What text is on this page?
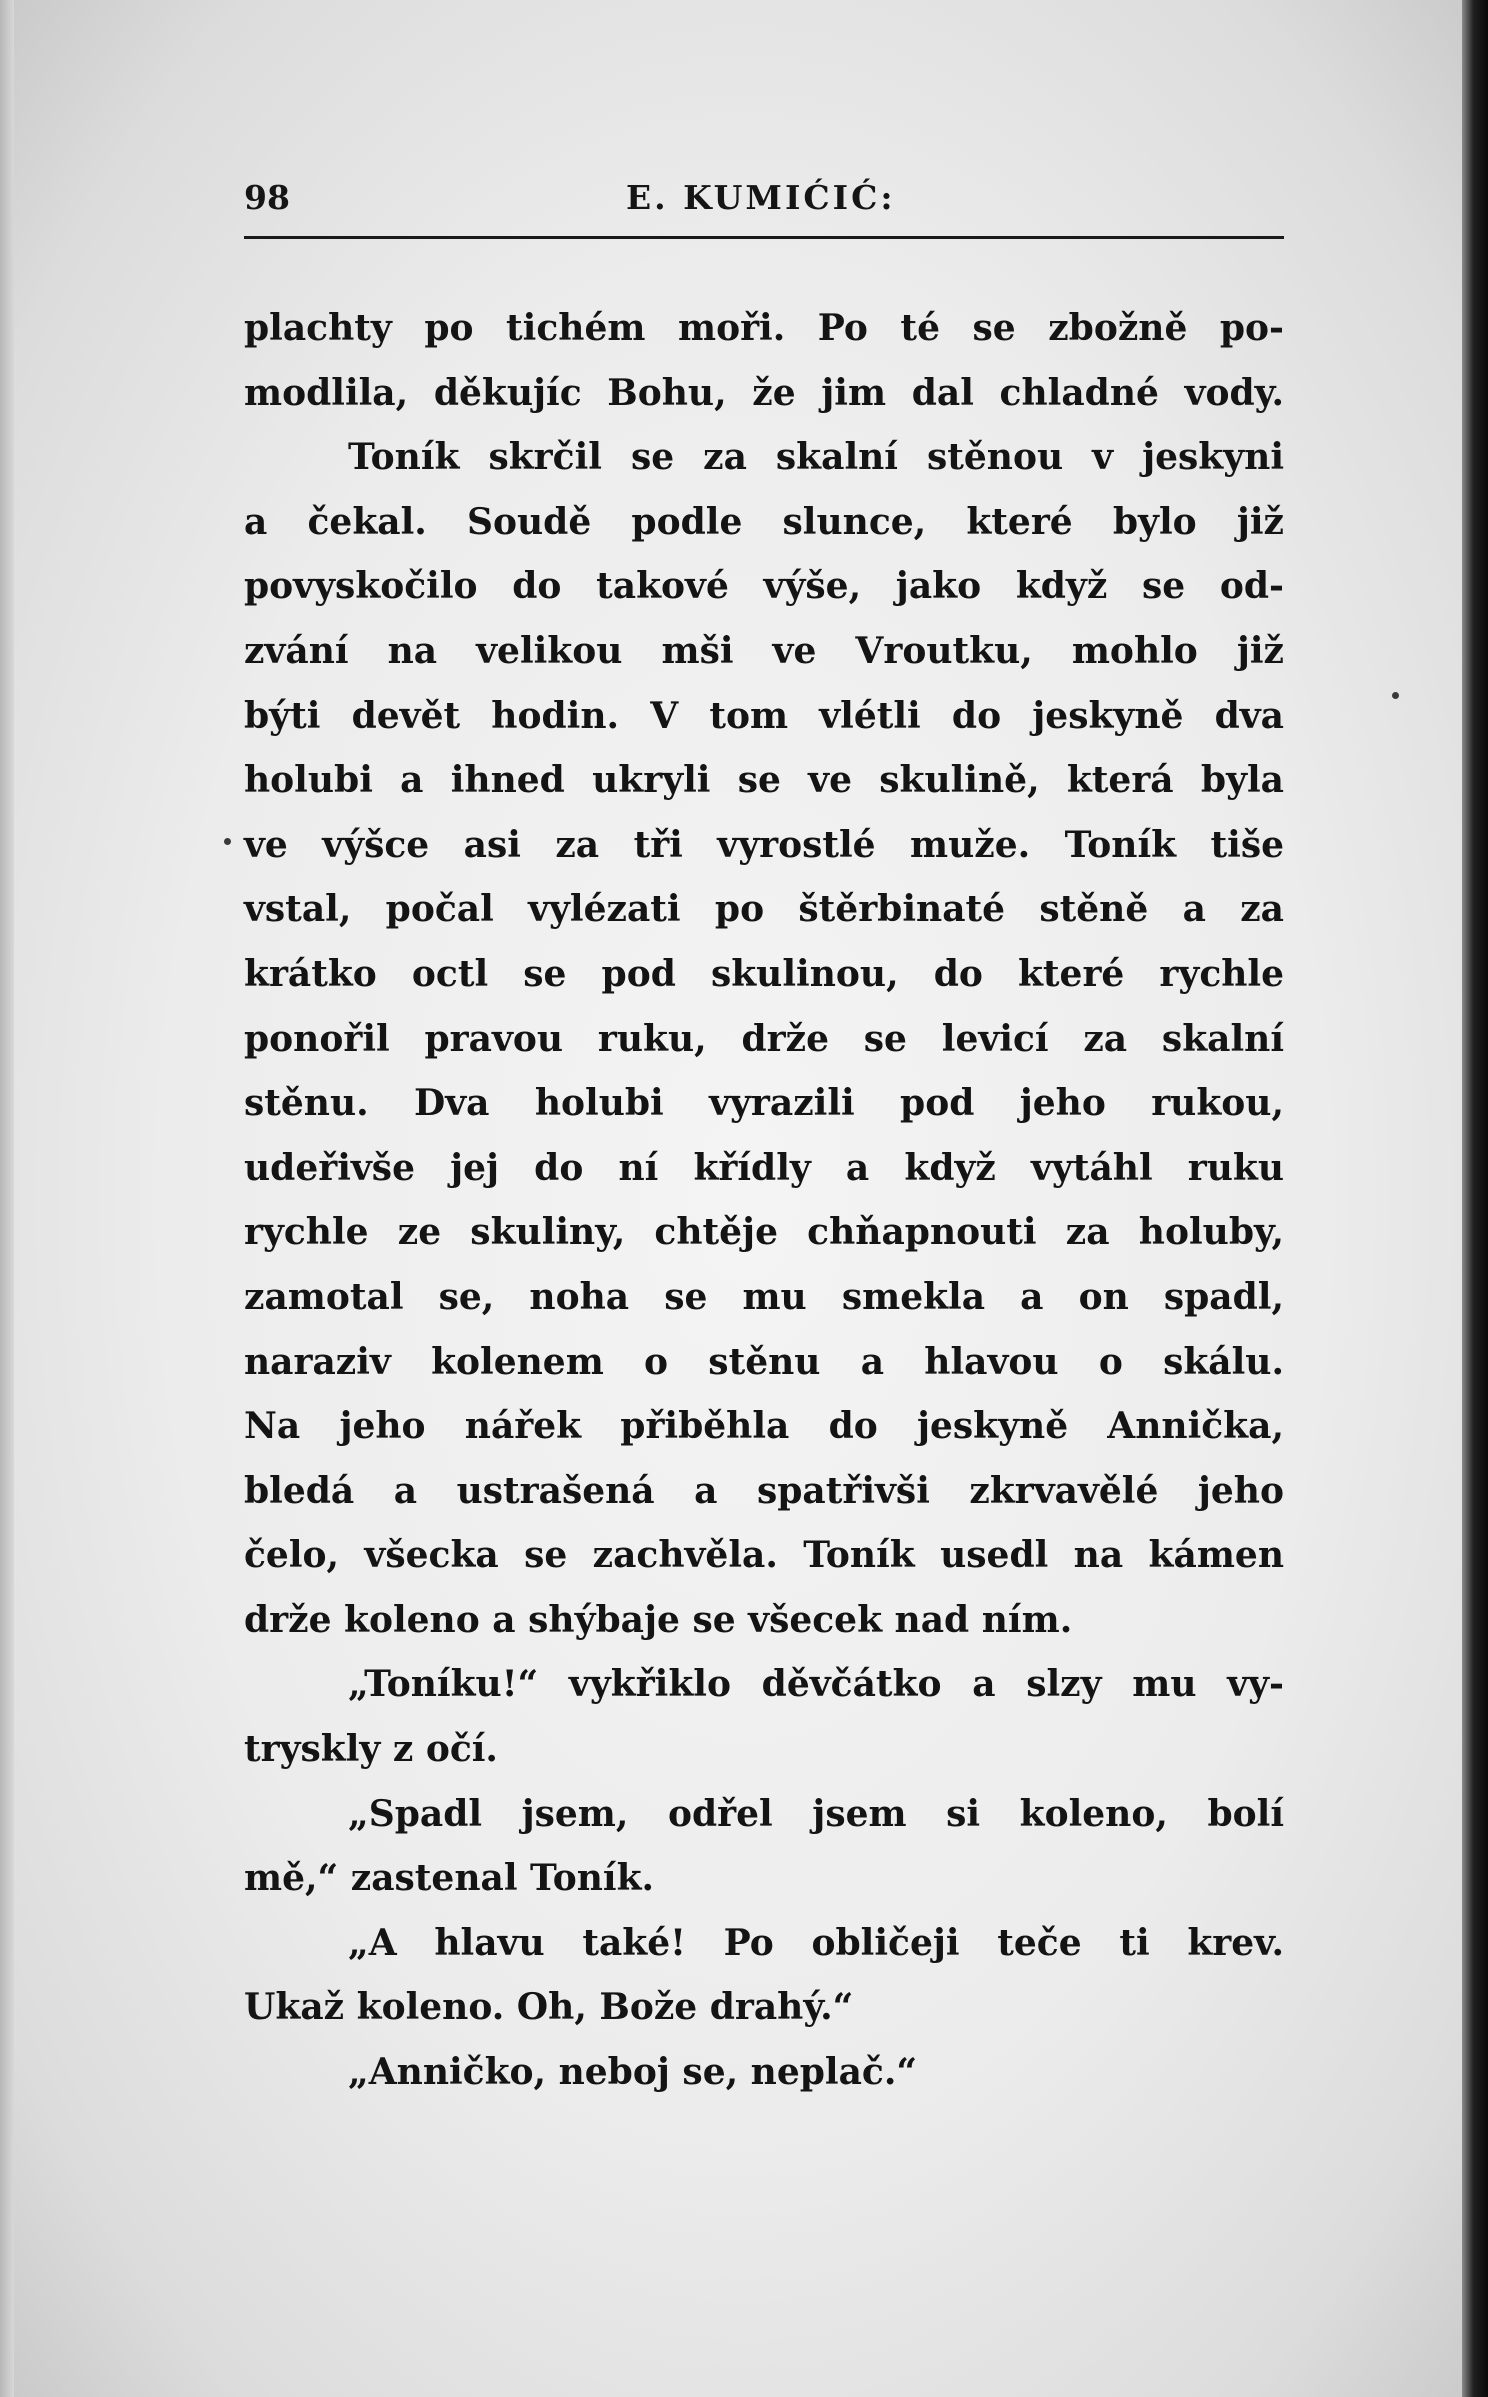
98	E. KUMIĆIĆ:
plachty po tichém moři. Po té se zbožně po-
modlila, děkujíc Bohu, že jim dal chladné vody.
Toník skrčil se za skalní stěnou v jeskyni
a čekal. Soudě podle slunce, které bylo již
povyskočilo do takové výše, jako když se od-
zvání na velikou mši ve Vroutku, mohlo již
býti devět hodin. V tom vlétli do jeskyně dva
holubi a ihned ukryli se ve skulině, která byla
ve výšce asi za tři vyrostlé muže. Toník tiše
vstal, počal vylézati po štěrbinaté stěně a za
krátko octl se pod skulinou, do které rychle
ponořil pravou ruku, drže se levicí za skalní
stěnu. Dva holubi vyrazili pod jeho rukou,
udeřivše jej do ní křídly a když vytáhl ruku
rychle ze skuliny, chtěje chňapnouti za holuby,
zamotal se, noha se mu smekla a on spadl,
naraziv kolenem o stěnu a hlavou o skálu.
Na jeho nářek přiběhla do jeskyně Annička,
bledá a ustrašená a spatřivši zkrvavělé jeho
čelo, všecka se zachvěla. Toník usedl na kámen
drže koleno a shýbaje se všecek nad ním.
„Toníku!“ vykřiklo děvčátko a slzy mu vy-
tryskly z očí.
„Spadl jsem, odřel jsem si koleno, bolí
mě,“ zastenal Toník.
„A hlavu také! Po obličeji teče ti krev.
Ukaž koleno. Oh, Bože drahý.“
„Anničko, neboj se, neplač.“
